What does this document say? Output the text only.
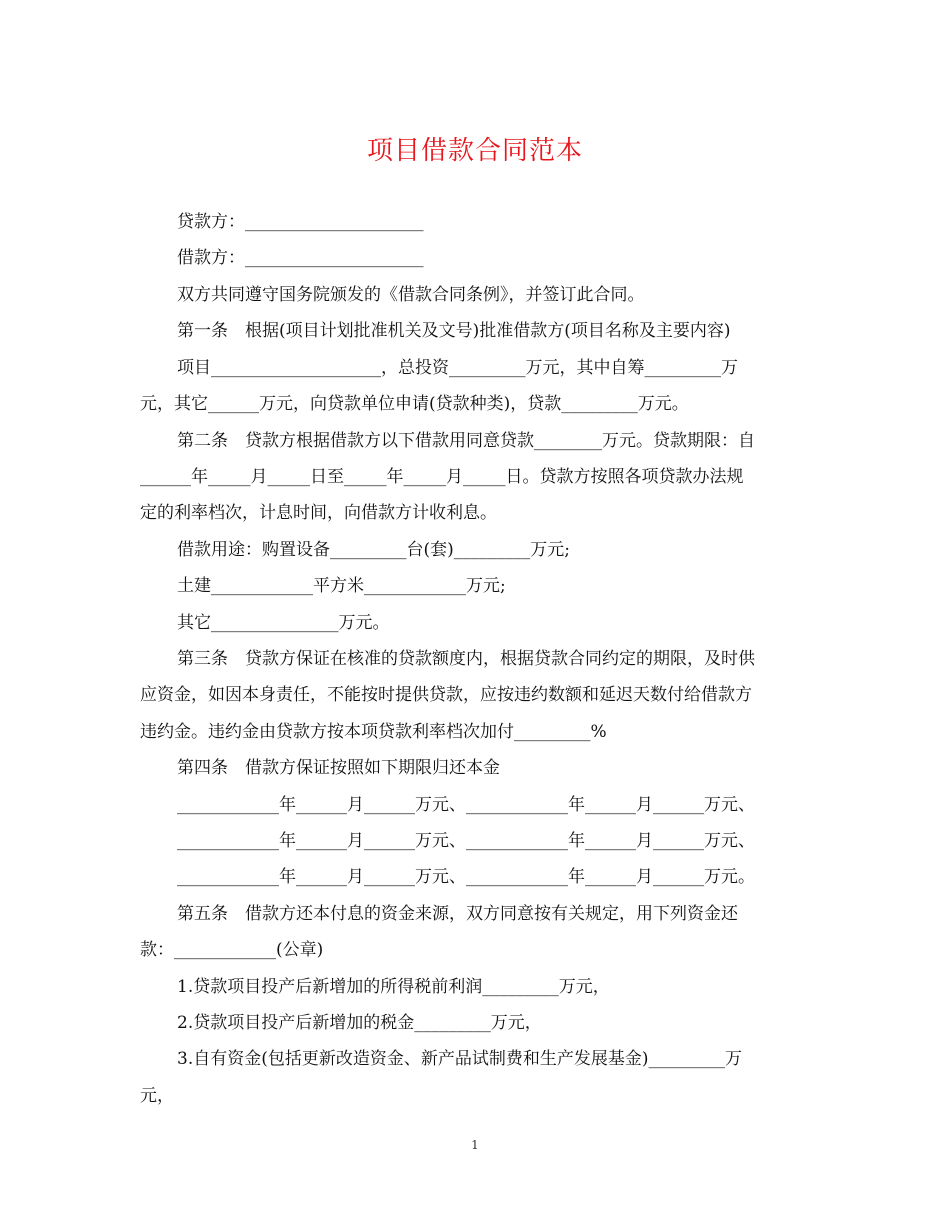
项目借款合同范本
贷款方：_____________________
借款方：_____________________
双方共同遵守国务院颁发的《借款合同条例》，并签订此合同。
第一条　根据(项目计划批准机关及文号)批准借款方(项目名称及主要内容)
项目____________________，总投资_________万元，其中自筹_________万
元，其它______万元，向贷款单位申请(贷款种类)，贷款_________万元。
第二条　贷款方根据借款方以下借款用同意贷款________万元。贷款期限：自
______年_____月_____日至_____年_____月_____日。贷款方按照各项贷款办法规
定的利率档次，计息时间，向借款方计收利息。
借款用途：购置设备_________台(套)_________万元;
土建____________平方米____________万元;
其它_______________万元。
第三条　贷款方保证在核准的贷款额度内，根据贷款合同约定的期限，及时供
应资金，如因本身责任，不能按时提供贷款，应按违约数额和延迟天数付给借款方
违约金。违约金由贷款方按本项贷款利率档次加付_________%
第四条　借款方保证按照如下期限归还本金
____________年______月______万元、____________年______月______万元、
____________年______月______万元、____________年______月______万元、
____________年______月______万元、____________年______月______万元。
第五条　借款方还本付息的资金来源，双方同意按有关规定，用下列资金还
款：____________(公章)
1.贷款项目投产后新增加的所得税前利润_________万元，
2.贷款项目投产后新增加的税金_________万元，
3.自有资金(包括更新改造资金、新产品试制费和生产发展基金)_________万
元，
1
